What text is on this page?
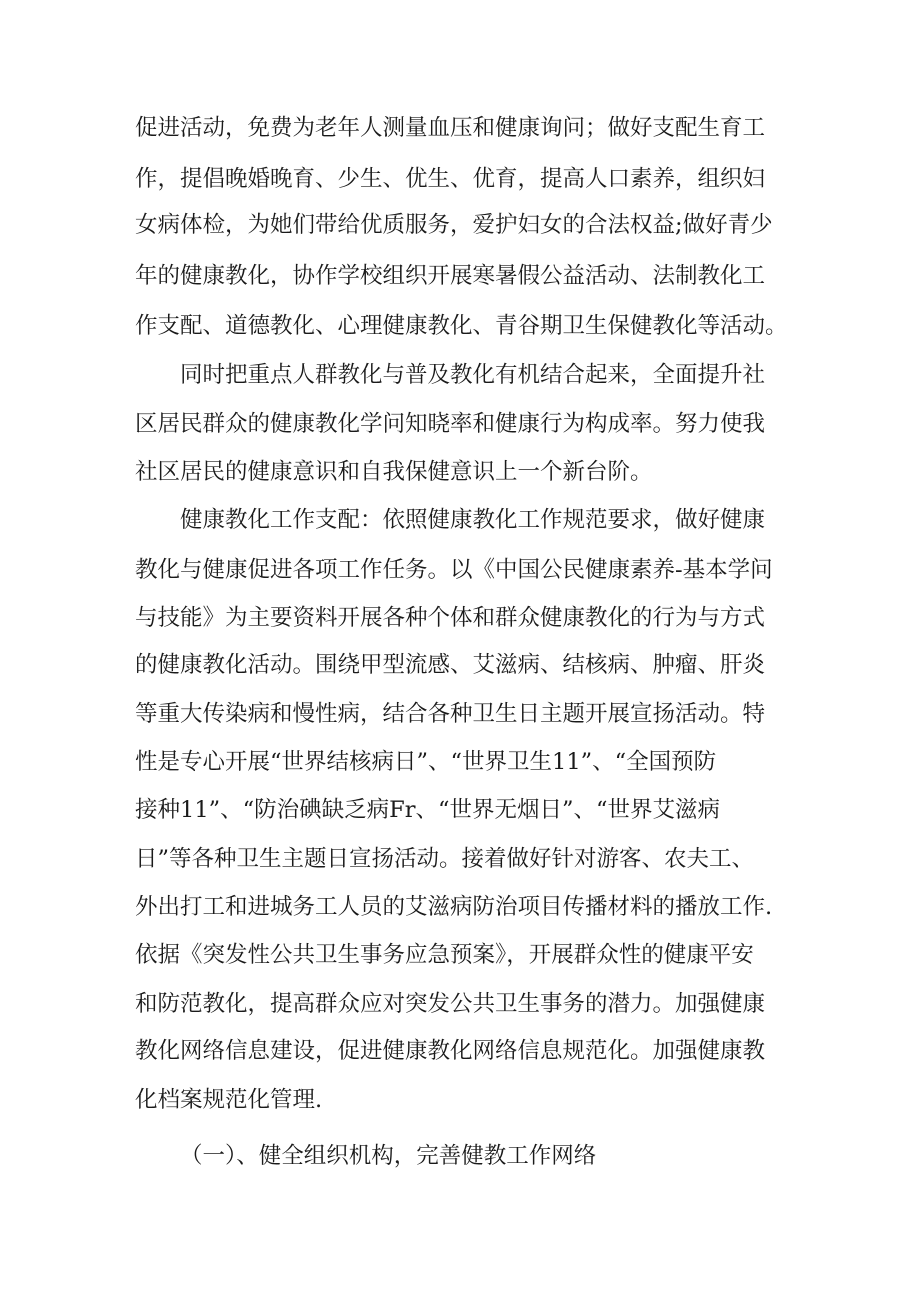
促进活动，免费为老年人测量血压和健康询问；做好支配生育工
作，提倡晚婚晚育、少生、优生、优育，提高人口素养，组织妇
女病体检，为她们带给优质服务，爱护妇女的合法权益;做好青少
年的健康教化，协作学校组织开展寒暑假公益活动、法制教化工
作支配、道德教化、心理健康教化、青谷期卫生保健教化等活动。
同时把重点人群教化与普及教化有机结合起来，全面提升社
区居民群众的健康教化学问知晓率和健康行为构成率。努力使我
社区居民的健康意识和自我保健意识上一个新台阶。
健康教化工作支配：依照健康教化工作规范要求，做好健康
教化与健康促进各项工作任务。以《中国公民健康素养-基本学问
与技能》为主要资料开展各种个体和群众健康教化的行为与方式
的健康教化活动。围绕甲型流感、艾滋病、结核病、肿瘤、肝炎
等重大传染病和慢性病，结合各种卫生日主题开展宣扬活动。特
性是专心开展“世界结核病日”、“世界卫生11”、“全国预防
接种11”、“防治碘缺乏病Fr、“世界无烟日”、“世界艾滋病
日”等各种卫生主题日宣扬活动。接着做好针对游客、农夫工、
外出打工和进城务工人员的艾滋病防治项目传播材料的播放工作.
依据《突发性公共卫生事务应急预案》，开展群众性的健康平安
和防范教化，提高群众应对突发公共卫生事务的潜力。加强健康
教化网络信息建设，促进健康教化网络信息规范化。加强健康教
化档案规范化管理.
（一）、健全组织机构，完善健教工作网络
